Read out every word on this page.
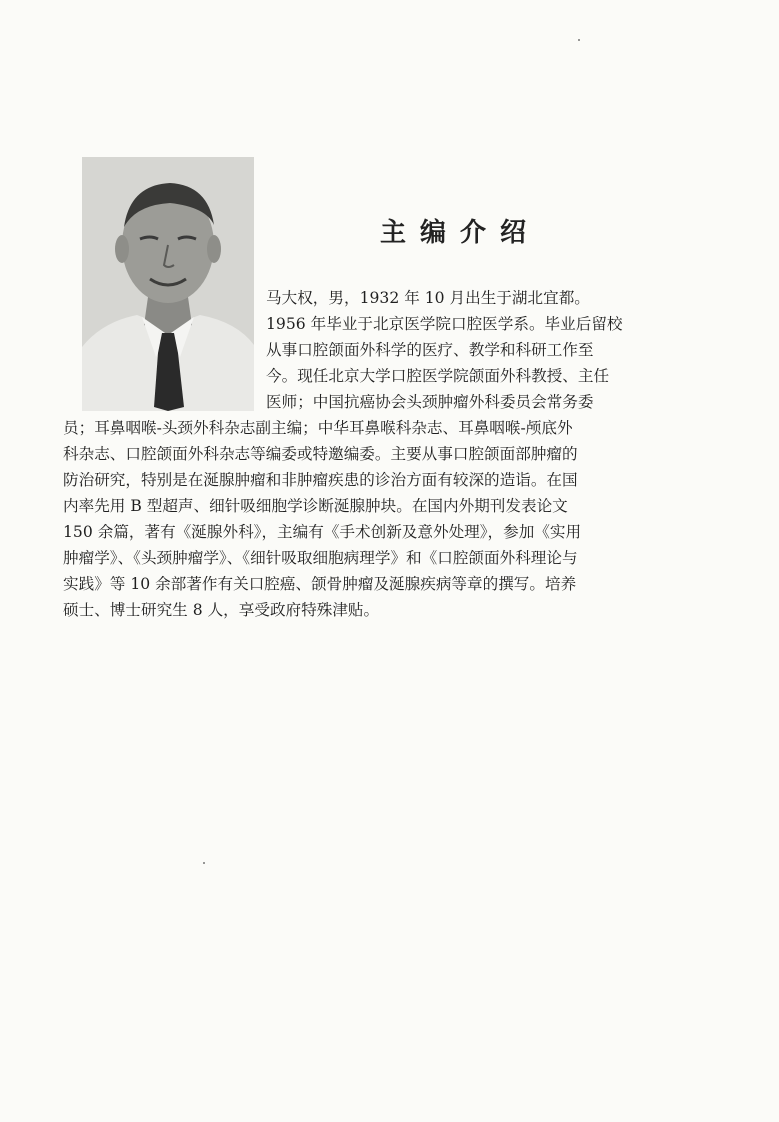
主编介绍
马大权，男，1932 年 10 月出生于湖北宜都。
1956 年毕业于北京医学院口腔医学系。毕业后留校
从事口腔颌面外科学的医疗、教学和科研工作至
今。现任北京大学口腔医学院颌面外科教授、主任
医师；中国抗癌协会头颈肿瘤外科委员会常务委
员；耳鼻咽喉-头颈外科杂志副主编；中华耳鼻喉科杂志、耳鼻咽喉-颅底外
科杂志、口腔颌面外科杂志等编委或特邀编委。主要从事口腔颌面部肿瘤的
防治研究，特别是在涎腺肿瘤和非肿瘤疾患的诊治方面有较深的造诣。在国
内率先用 B 型超声、细针吸细胞学诊断涎腺肿块。在国内外期刊发表论文
150 余篇，著有《涎腺外科》，主编有《手术创新及意外处理》，参加《实用
肿瘤学》、《头颈肿瘤学》、《细针吸取细胞病理学》和《口腔颌面外科理论与
实践》等 10 余部著作有关口腔癌、颌骨肿瘤及涎腺疾病等章的撰写。培养
硕士、博士研究生 8 人，享受政府特殊津贴。
